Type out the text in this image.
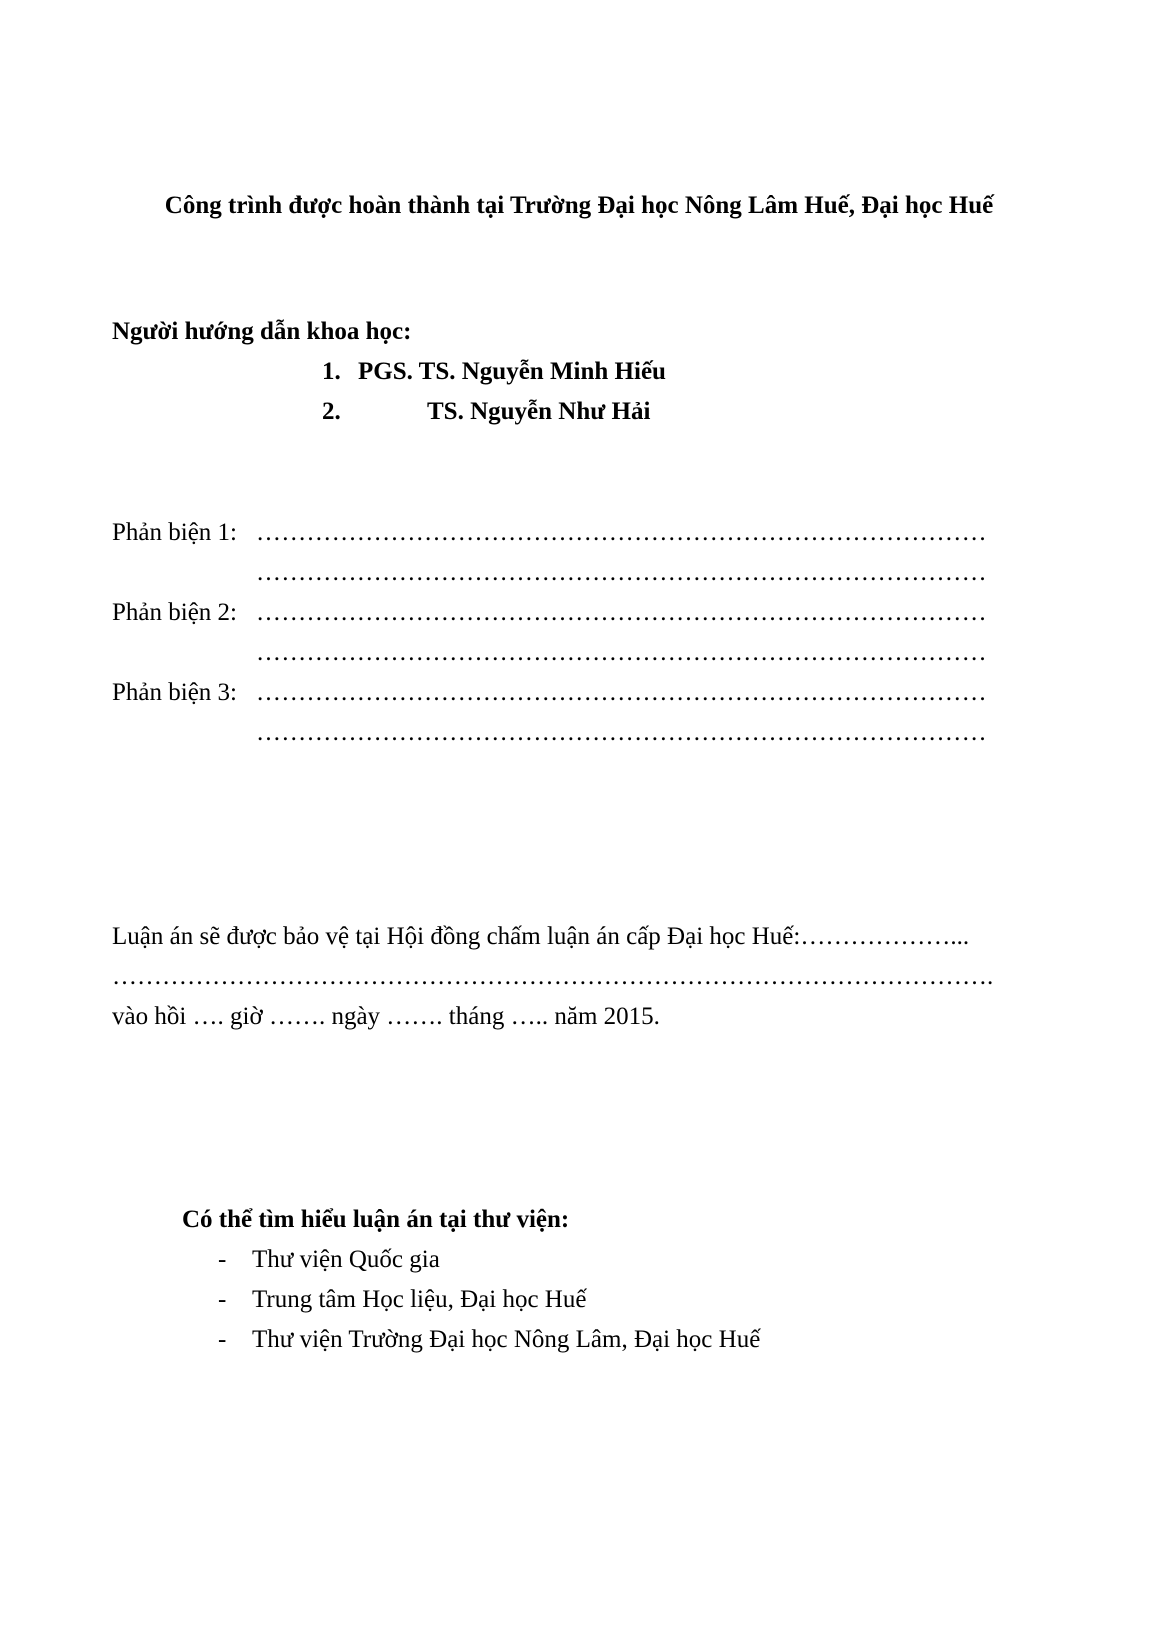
Công trình được hoàn thành tại Trường Đại học Nông Lâm Huế, Đại học Huế
Người hướng dẫn khoa học:
1. PGS. TS. Nguyễn Minh Hiếu
2.	TS. Nguyễn Như Hải
Phản biện 1: ……………………………………………………………………………
……………………………………………………………………………
Phản biện 2: ……………………………………………………………………………
……………………………………………………………………………
Phản biện 3: ……………………………………………………………………………
……………………………………………………………………………
Luận án sẽ được bảo vệ tại Hội đồng chấm luận án cấp Đại học Huế:………………...
…………………………………………………………………………………………….
vào hồi …. giờ ……. ngày ……. tháng ….. năm 2015.
Có thể tìm hiểu luận án tại thư viện:
- Thư viện Quốc gia
- Trung tâm Học liệu, Đại học Huế
- Thư viện Trường Đại học Nông Lâm, Đại học Huế
